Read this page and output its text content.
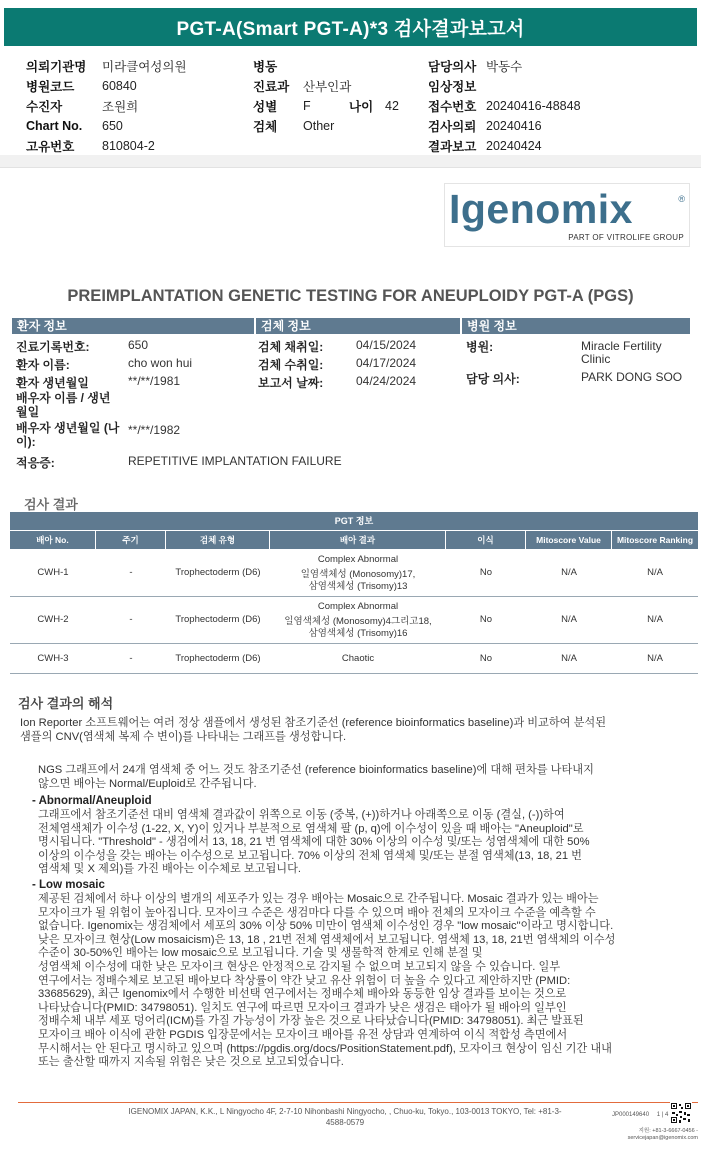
PGT-A(Smart PGT-A)*3 검사결과보고서
의뢰기관명	미라클여성의원
병원코드	60840
수진자	조원희
Chart No.	650
고유번호	810804-2
병동
진료과	산부인과
성별	F	나이 42
검체	Other
담당의사 박동수
임상정보
접수번호 20240416-48848
검사의뢰 20240416
결과보고 20240424
Igenomix	®
PART OF VITROLIFE GROUP
PREIMPLANTATION GENETIC TESTING FOR ANEUPLOIDY PGT-A (PGS)
환자 정보	검체 정보	병원 정보
진료기록번호:	650
환자 이름:	cho won hui
환자 생년월일	**/**/1981
배우자 이름 / 생년월일
배우자 생년월일 (나이):
**/**/1982
적응증:	REPETITIVE IMPLANTATION FAILURE
검체 채취일:	04/15/2024
검체 수취일:	04/17/2024
보고서 날짜:	04/24/2024
병원:	Miracle Fertility
Clinic
담당 의사:	PARK DONG SOO
검사 결과
PGT 정보
배아 No.	주기	검체 유형	배아 결과	이식	Mitoscore Value	Mitoscore Ranking
CWH-1	-	Trophectoderm (D6)
Complex Abnormal
일염색체성 (Monosomy)17,
삼염색체성 (Trisomy)13
No	N/A	N/A
CWH-2	-	Trophectoderm (D6)
Complex Abnormal
일염색체성 (Monosomy)4그리고18,
삼염색체성 (Trisomy)16
No	N/A	N/A
CWH-3	-	Trophectoderm (D6)	Chaotic	No	N/A	N/A
검사 결과의 해석
Ion Reporter 소프트웨어는 여러 정상 샘플에서 생성된 참조기준선 (reference bioinformatics baseline)과 비교하여 분석된
샘플의 CNV(염색체 복제 수 변이)를 나타내는 그래프를 생성합니다.
NGS 그래프에서 24개 염색체 중 어느 것도 참조기준선 (reference bioinformatics baseline)에 대해 편차를 나타내지
않으면 배아는 Normal/Euploid로 간주됩니다.
- Abnormal/Aneuploid
그래프에서 참조기준선 대비 염색체 결과값이 위쪽으로 이동 (중복, (+))하거나 아래쪽으로 이동 (결실, (-))하여
전체염색체가 이수성 (1-22, X, Y)이 있거나 부분적으로 염색체 팔 (p, q)에 이수성이 있을 때 배아는 "Aneuploid"로
명시됩니다. "Threshold" - 생검에서 13, 18, 21 번 염색체에 대한 30% 이상의 이수성 및/또는 성염색체에 대한 50%
이상의 이수성을 갖는 배아는 이수성으로 보고됩니다. 70% 이상의 전체 염색체 및/또는 분절 염색체(13, 18, 21 번
염색체 및 X 제외)를 가진 배아는 이수체로 보고됩니다.
- Low mosaic
제공된 검체에서 하나 이상의 별개의 세포주가 있는 경우 배아는 Mosaic으로 간주됩니다. Mosaic 결과가 있는 배아는
모자이크가 될 위험이 높아집니다. 모자이크 수준은 생검마다 다를 수 있으며 배아 전체의 모자이크 수준을 예측할 수
없습니다. Igenomix는 생검체에서 세포의 30% 이상 50% 미만이 염색체 이수성인 경우 "low mosaic"이라고 명시합니다.
낮은 모자이크 현상(Low mosaicism)은 13, 18 , 21번 전체 염색체에서 보고됩니다. 염색체 13, 18, 21번 염색체의 이수성
수준이 30-50%인 배아는 low mosaic으로 보고됩니다. 기술 및 생물학적 한계로 인해 분절 및
성염색체 이수성에 대한 낮은 모자이크 현상은 안정적으로 감지될 수 없으며 보고되지 않을 수 있습니다. 일부
연구에서는 정배수체로 보고된 배아보다 착상률이 약간 낮고 유산 위험이 더 높을 수 있다고 제안하지만 (PMID:
33685629), 최근 Igenomix에서 수행한 비선택 연구에서는 정배수체 배아와 동등한 임상 결과를 보이는 것으로
나타났습니다(PMID: 34798051). 일치도 연구에 따르면 모자이크 결과가 낮은 생검은 태아가 될 배아의 일부인
정배수체 내부 세포 덩어리(ICM)를 가질 가능성이 가장 높은 것으로 나타났습니다(PMID: 34798051). 최근 발표된
모자이크 배아 이식에 관한 PGDIS 입장문에서는 모자이크 배아를 유전 상담과 연계하여 이식 적합성 측면에서
무시해서는 안 된다고 명시하고 있으며 (https://pgdis.org/docs/PositionStatement.pdf), 모자이크 현상이 임신 기간 내내
또는 출산할 때까지 지속될 위험은 낮은 것으로 보고되었습니다.
IGENOMIX JAPAN, K.K., L Ningyocho 4F, 2-7-10 Nihonbashi Ningyocho, , Chuo-ku, Tokyo., 103-0013 TOKYO, Tel: +81-3-
4588-0579
JP000149640 1 | 4
지원: +81-3-6667-0456 -
servicejapan@igenomix.com
